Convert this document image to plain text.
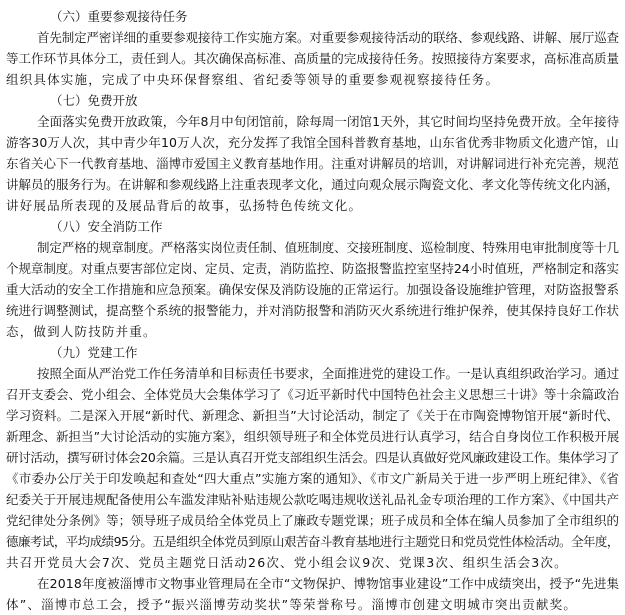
（六）重要参观接待任务
首先制定严密详细的重要参观接待工作实施方案。对重要参观接待活动的联络、参观线路、讲解、展厅巡查
等工作环节具体分工，责任到人。其次确保高标准、高质量的完成接待任务。按照接待方案要求，高标准高质量
组织具体实施，完成了中央环保督察组、省纪委等领导的重要参观视察接待任务。
（七）免费开放
全面落实免费开放政策，今年8月中旬闭馆前，除每周一闭馆1天外，其它时间均坚持免费开放。全年接待
游客30万人次，其中青少年10万人次，充分发挥了我馆全国科普教育基地，山东省优秀非物质文化遗产馆，山
东省关心下一代教育基地、淄博市爱国主义教育基地作用。注重对讲解员的培训，对讲解词进行补充完善，规范
讲解员的服务行为。在讲解和参观线路上注重表现孝文化，通过向观众展示陶瓷文化、孝文化等传统文化内涵，
讲好展品所表现的及展品背后的故事，弘扬特色传统文化。
（八）安全消防工作
制定严格的规章制度。严格落实岗位责任制、值班制度、交接班制度、巡检制度、特殊用电审批制度等十几
个规章制度。对重点要害部位定岗、定员、定责，消防监控、防盗报警监控室坚持24小时值班，严格制定和落实
重大活动的安全工作措施和应急预案。确保安保及消防设施的正常运行。加强设备设施维护管理，对防盗报警系
统进行调整测试，提高整个系统的报警能力，并对消防报警和消防灭火系统进行维护保养，使其保持良好工作状
态，做到人防技防并重。
（九）党建工作
按照全面从严治党工作任务清单和目标责任书要求，全面推进党的建设工作。一是认真组织政治学习。通过
召开支委会、党小组会、全体党员大会集体学习了《习近平新时代中国特色社会主义思想三十讲》等十余篇政治
学习资料。二是深入开展“新时代、新理念、新担当”大讨论活动，制定了《关于在市陶瓷博物馆开展“新时代、
新理念、新担当”大讨论活动的实施方案》，组织领导班子和全体党员进行认真学习，结合自身岗位工作积极开展
研讨活动，撰写研讨体会20余篇。三是认真召开党支部组织生活会。四是认真做好党风廉政建设工作。集体学习了
《市委办公厅关于印发唤起和查处“四大重点”实施方案的通知》、《市文广新局关于进一步严明上班纪律》、《省
纪委关于开展违规配备使用公车滥发津贴补贴违规公款吃喝违规收送礼品礼金专项治理的工作方案》、《中国共产
党纪律处分条例》等；领导班子成员给全体党员上了廉政专题党课；班子成员和全体在编人员参加了全市组织的
德廉考试，平均成绩95分。五是组织全体党员到原山艰苦奋斗教育基地进行主题党日和党员党性体检活动。全年度，
共召开党员大会7次、党员主题党日活动26次、党小组会议9次、党课3次、组织生活会3次。
在2018年度被淄博市文物事业管理局在全市“文物保护、博物馆事业建设”工作中成绩突出，授予“先进集
体”、淄博市总工会，授予“振兴淄博劳动奖状”等荣誉称号。淄博市创建文明城市突出贡献奖。
